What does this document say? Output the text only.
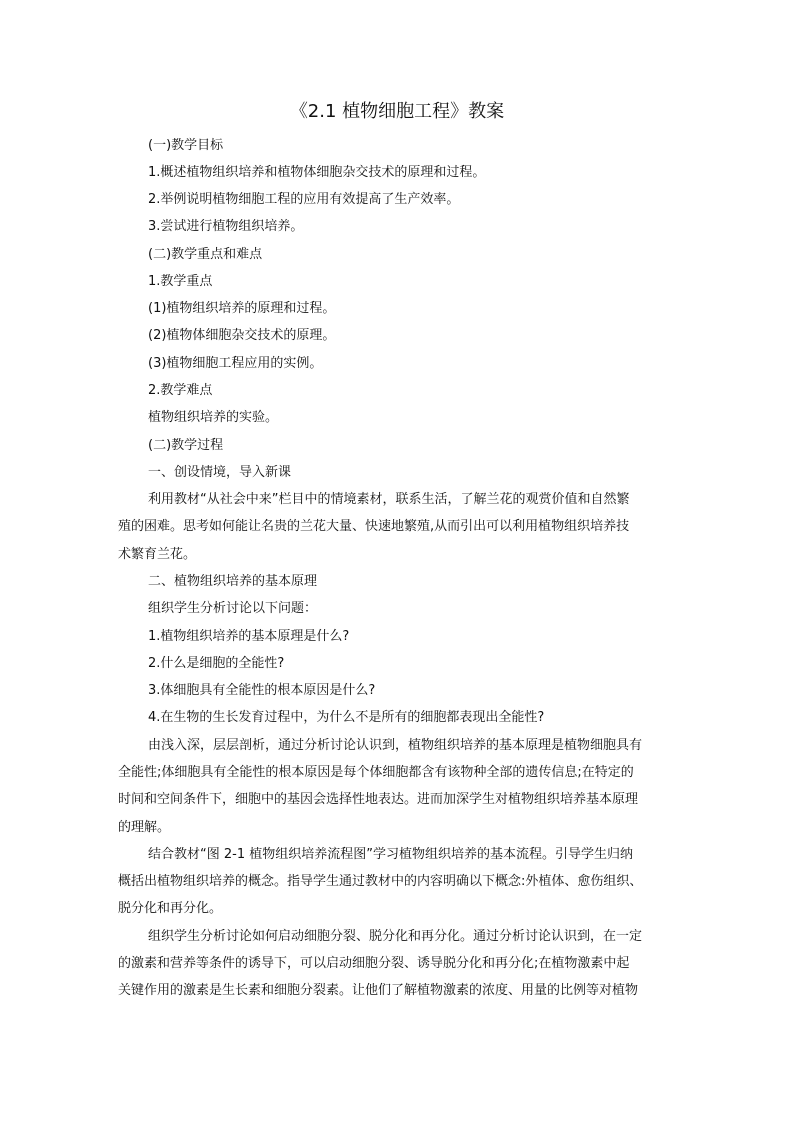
《2.1 植物细胞工程》教案
(一)教学目标
1.概述植物组织培养和植物体细胞杂交技术的原理和过程。
2.举例说明植物细胞工程的应用有效提高了生产效率。
3.尝试进行植物组织培养。
(二)教学重点和难点
1.教学重点
(1)植物组织培养的原理和过程。
(2)植物体细胞杂交技术的原理。
(3)植物细胞工程应用的实例。
2.教学难点
植物组织培养的实验。
(二)教学过程
一、创设情境，导入新课
利用教材“从社会中来”栏目中的情境素材，联系生活，了解兰花的观赏价值和自然繁
殖的困难。思考如何能让名贵的兰花大量、快速地繁殖,从而引出可以利用植物组织培养技
术繁育兰花。
二、植物组织培养的基本原理
组织学生分析讨论以下问题：
1.植物组织培养的基本原理是什么?
2.什么是细胞的全能性?
3.体细胞具有全能性的根本原因是什么?
4.在生物的生长发育过程中，为什么不是所有的细胞都表现出全能性?
由浅入深，层层剖析，通过分析讨论认识到，植物组织培养的基本原理是植物细胞具有
全能性;体细胞具有全能性的根本原因是每个体细胞都含有该物种全部的遗传信息;在特定的
时间和空间条件下，细胞中的基因会选择性地表达。进而加深学生对植物组织培养基本原理
的理解。
结合教材“图 2-1 植物组织培养流程图”学习植物组织培养的基本流程。引导学生归纳
概括出植物组织培养的概念。指导学生通过教材中的内容明确以下概念:外植体、愈伤组织、
脱分化和再分化。
组织学生分析讨论如何启动细胞分裂、脱分化和再分化。通过分析讨论认识到，在一定
的激素和营养等条件的诱导下，可以启动细胞分裂、诱导脱分化和再分化;在植物激素中起
关键作用的激素是生长素和细胞分裂素。让他们了解植物激素的浓度、用量的比例等对植物
